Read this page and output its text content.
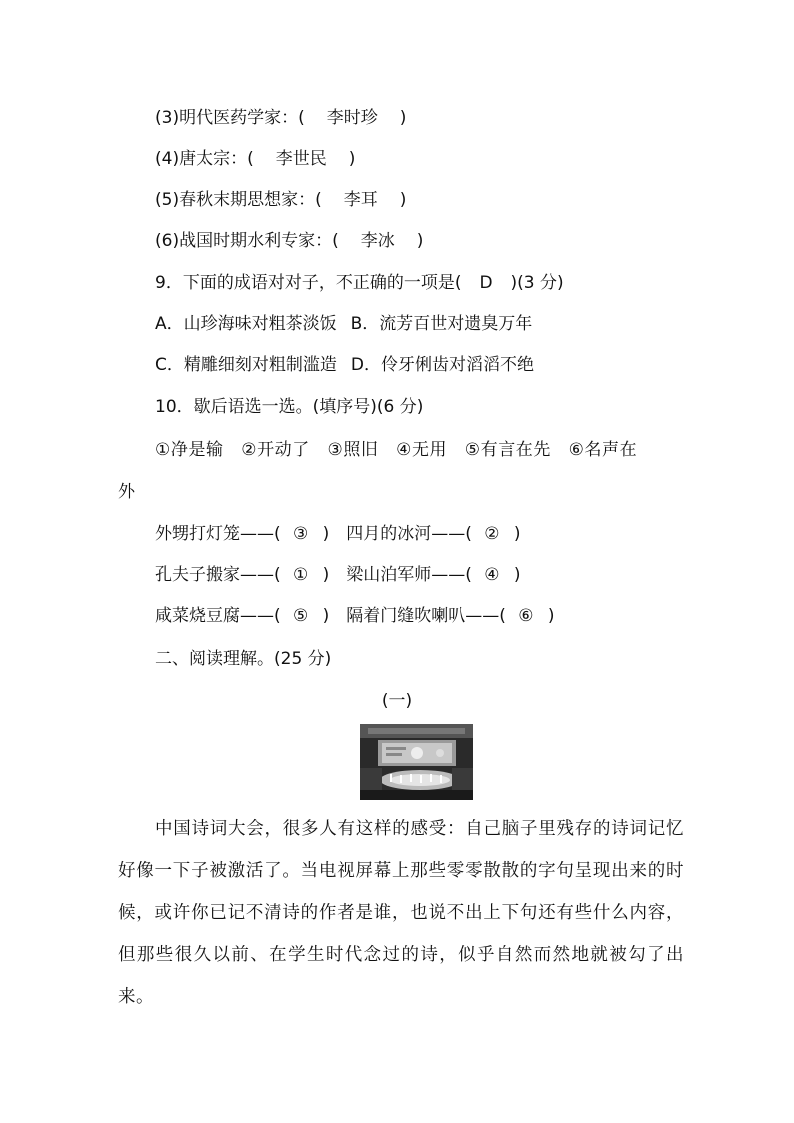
(3)明代医药学家：( 李时珍 )
(4)唐太宗：( 李世民 )
(5)春秋末期思想家：( 李耳 )
(6)战国时期水利专家：( 李冰 )
9．下面的成语对对子，不正确的一项是( D )(3 分)
A．山珍海味对粗茶淡饭 B．流芳百世对遗臭万年
C．精雕细刻对粗制滥造 D．伶牙俐齿对滔滔不绝
10．歇后语选一选。(填序号)(6 分)
①净是输　②开动了　③照旧　④无用　⑤有言在先　⑥名声在
外
外甥打灯笼——( ③ )　四月的冰河——( ② )
孔夫子搬家——( ① )　梁山泊军师——( ④ )
咸菜烧豆腐——( ⑤ )　隔着门缝吹喇叭——( ⑥ )
二、阅读理解。(25 分)
(一)
中国诗词大会，很多人有这样的感受：自己脑子里残存的诗词记忆好像一下子被激活了。当电视屏幕上那些零零散散的字句呈现出来的时候，或许你已记不清诗的作者是谁，也说不出上下句还有些什么内容，但那些很久以前、在学生时代念过的诗，似乎自然而然地就被勾了出来。
